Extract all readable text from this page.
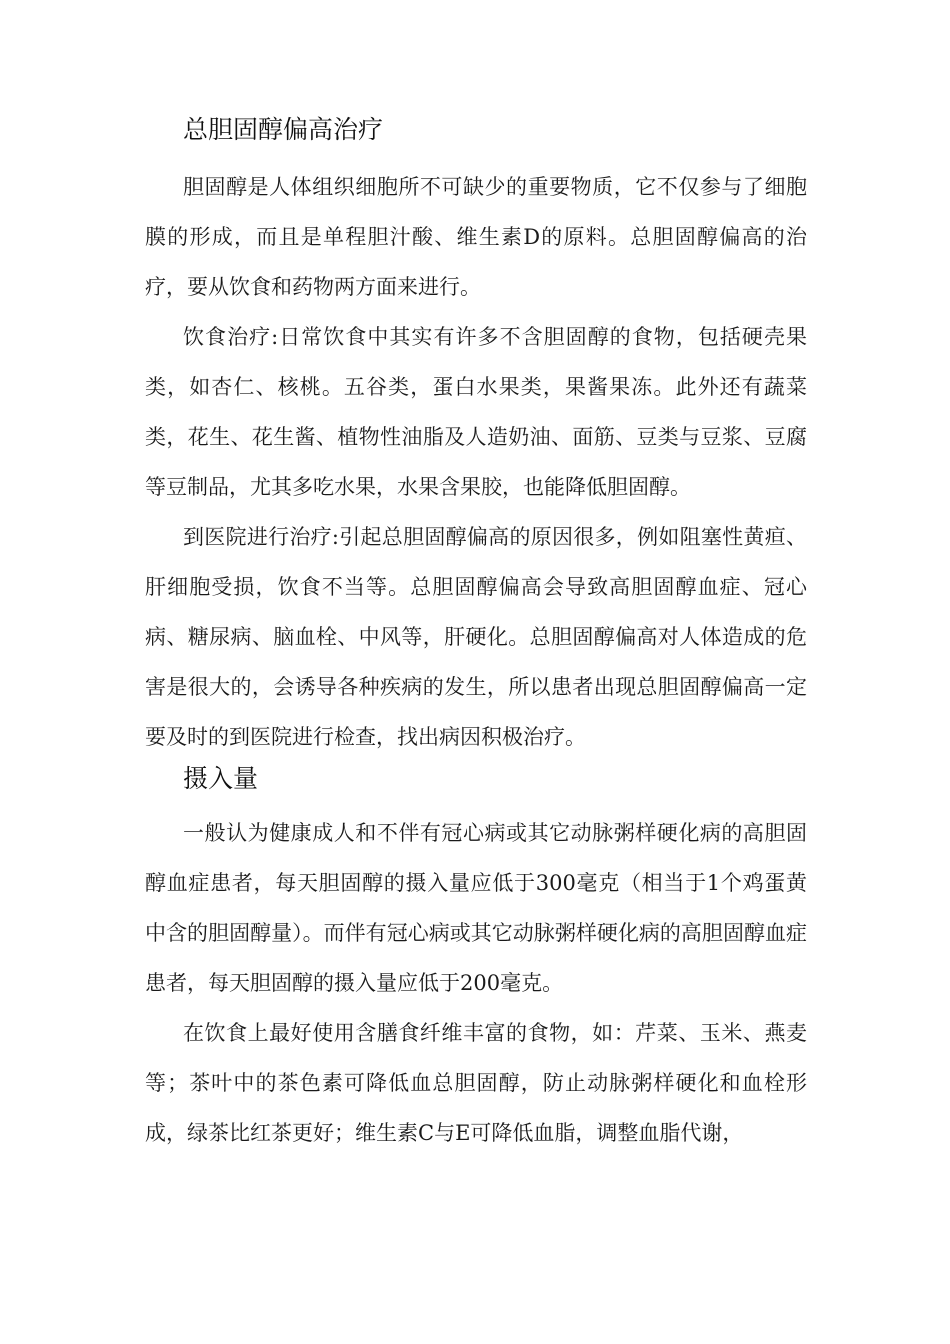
总胆固醇偏高治疗

胆固醇是人体组织细胞所不可缺少的重要物质，它不仅参与了细胞膜的形成，而且是单程胆汁酸、维生素D的原料。总胆固醇偏高的治疗，要从饮食和药物两方面来进行。

饮食治疗:日常饮食中其实有许多不含胆固醇的食物，包括硬壳果类，如杏仁、核桃。五谷类，蛋白水果类，果酱果冻。此外还有蔬菜类，花生、花生酱、植物性油脂及人造奶油、面筋、豆类与豆浆、豆腐等豆制品，尤其多吃水果，水果含果胶，也能降低胆固醇。

到医院进行治疗:引起总胆固醇偏高的原因很多，例如阻塞性黄疸、肝细胞受损，饮食不当等。总胆固醇偏高会导致高胆固醇血症、冠心病、糖尿病、脑血栓、中风等，肝硬化。总胆固醇偏高对人体造成的危害是很大的，会诱导各种疾病的发生，所以患者出现总胆固醇偏高一定要及时的到医院进行检查，找出病因积极治疗。

摄入量

一般认为健康成人和不伴有冠心病或其它动脉粥样硬化病的高胆固醇血症患者，每天胆固醇的摄入量应低于300毫克（相当于1个鸡蛋黄中含的胆固醇量）。而伴有冠心病或其它动脉粥样硬化病的高胆固醇血症患者，每天胆固醇的摄入量应低于200毫克。

在饮食上最好使用含膳食纤维丰富的食物，如：芹菜、玉米、燕麦等；茶叶中的茶色素可降低血总胆固醇，防止动脉粥样硬化和血栓形成，绿茶比红茶更好；维生素C与E可降低血脂，调整血脂代谢，
